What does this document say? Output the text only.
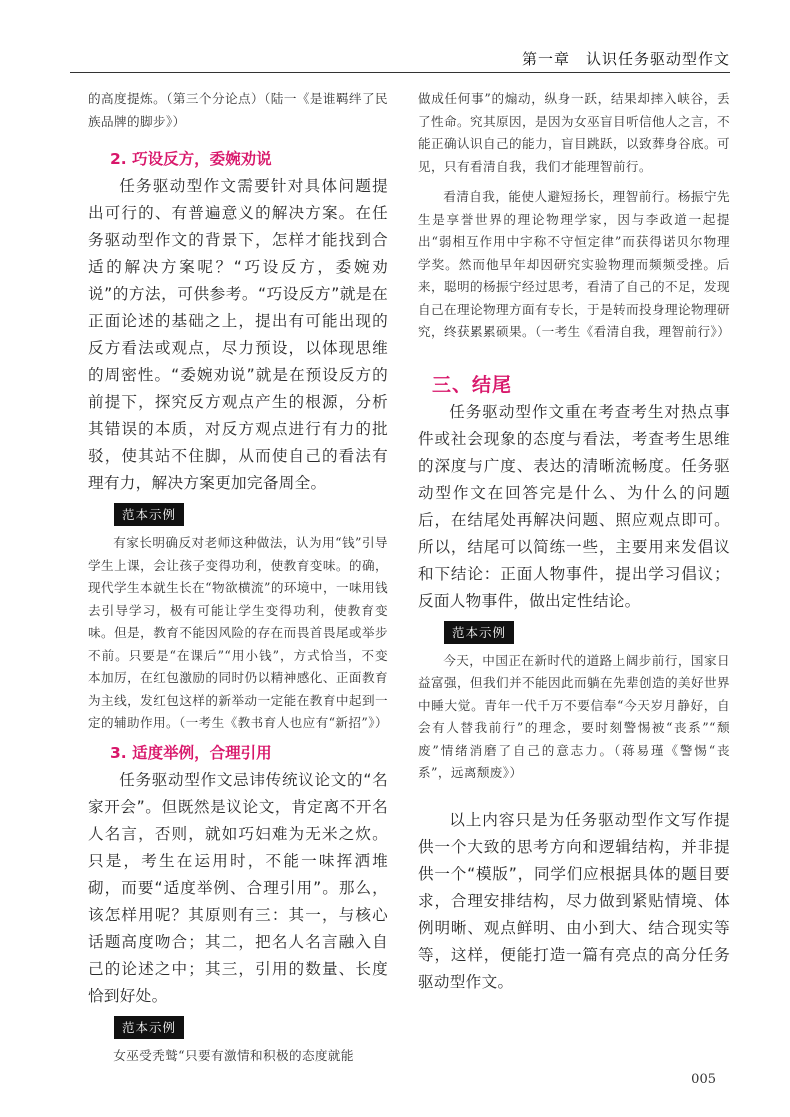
第一章　认识任务驱动型作文

的高度提炼。（第三个分论点）（陆一《是谁羁绊了民族品牌的脚步》）

2. 巧设反方，委婉劝说

任务驱动型作文需要针对具体问题提出可行的、有普遍意义的解决方案。在任务驱动型作文的背景下，怎样才能找到合适的解决方案呢？“巧设反方，委婉劝说”的方法，可供参考。“巧设反方”就是在正面论述的基础之上，提出有可能出现的反方看法或观点，尽力预设，以体现思维的周密性。“委婉劝说”就是在预设反方的前提下，探究反方观点产生的根源，分析其错误的本质，对反方观点进行有力的批驳，使其站不住脚，从而使自己的看法有理有力，解决方案更加完备周全。

范本示例

有家长明确反对老师这种做法，认为用“钱”引导学生上课，会让孩子变得功利，使教育变味。的确，现代学生本就生长在“物欲横流”的环境中，一味用钱去引导学习，极有可能让学生变得功利，使教育变味。但是，教育不能因风险的存在而畏首畏尾或举步不前。只要是“在课后”“用小钱”，方式恰当，不变本加厉，在红包激励的同时仍以精神感化、正面教育为主线，发红包这样的新举动一定能在教育中起到一定的辅助作用。（一考生《教书育人也应有“新招”》）

3. 适度举例，合理引用

任务驱动型作文忌讳传统议论文的“名家开会”。但既然是议论文，肯定离不开名人名言，否则，就如巧妇难为无米之炊。只是，考生在运用时，不能一味挥洒堆砌，而要“适度举例、合理引用”。那么，该怎样用呢？其原则有三：其一，与核心话题高度吻合；其二，把名人名言融入自己的论述之中；其三，引用的数量、长度恰到好处。

范本示例

女巫受秃鹫“只要有激情和积极的态度就能

做成任何事”的煽动，纵身一跃，结果却摔入峡谷，丢了性命。究其原因，是因为女巫盲目听信他人之言，不能正确认识自己的能力，盲目跳跃，以致葬身谷底。可见，只有看清自我，我们才能理智前行。

看清自我，能使人避短扬长，理智前行。杨振宁先生是享誉世界的理论物理学家，因与李政道一起提出“弱相互作用中宇称不守恒定律”而获得诺贝尔物理学奖。然而他早年却因研究实验物理而频频受挫。后来，聪明的杨振宁经过思考，看清了自己的不足，发现自己在理论物理方面有专长，于是转而投身理论物理研究，终获累累硕果。（一考生《看清自我，理智前行》）

三、结尾

任务驱动型作文重在考查考生对热点事件或社会现象的态度与看法，考查考生思维的深度与广度、表达的清晰流畅度。任务驱动型作文在回答完是什么、为什么的问题后，在结尾处再解决问题、照应观点即可。所以，结尾可以简练一些，主要用来发倡议和下结论：正面人物事件，提出学习倡议；反面人物事件，做出定性结论。

范本示例

今天，中国正在新时代的道路上阔步前行，国家日益富强，但我们并不能因此而躺在先辈创造的美好世界中睡大觉。青年一代千万不要信奉“今天岁月静好，自会有人替我前行”的理念，要时刻警惕被“丧系”“颓废”情绪消磨了自己的意志力。（蒋易瑾《警惕“丧系”，远离颓废》）

以上内容只是为任务驱动型作文写作提供一个大致的思考方向和逻辑结构，并非提供一个“模版”，同学们应根据具体的题目要求，合理安排结构，尽力做到紧贴情境、体例明晰、观点鲜明、由小到大、结合现实等等，这样，便能打造一篇有亮点的高分任务驱动型作文。

005
